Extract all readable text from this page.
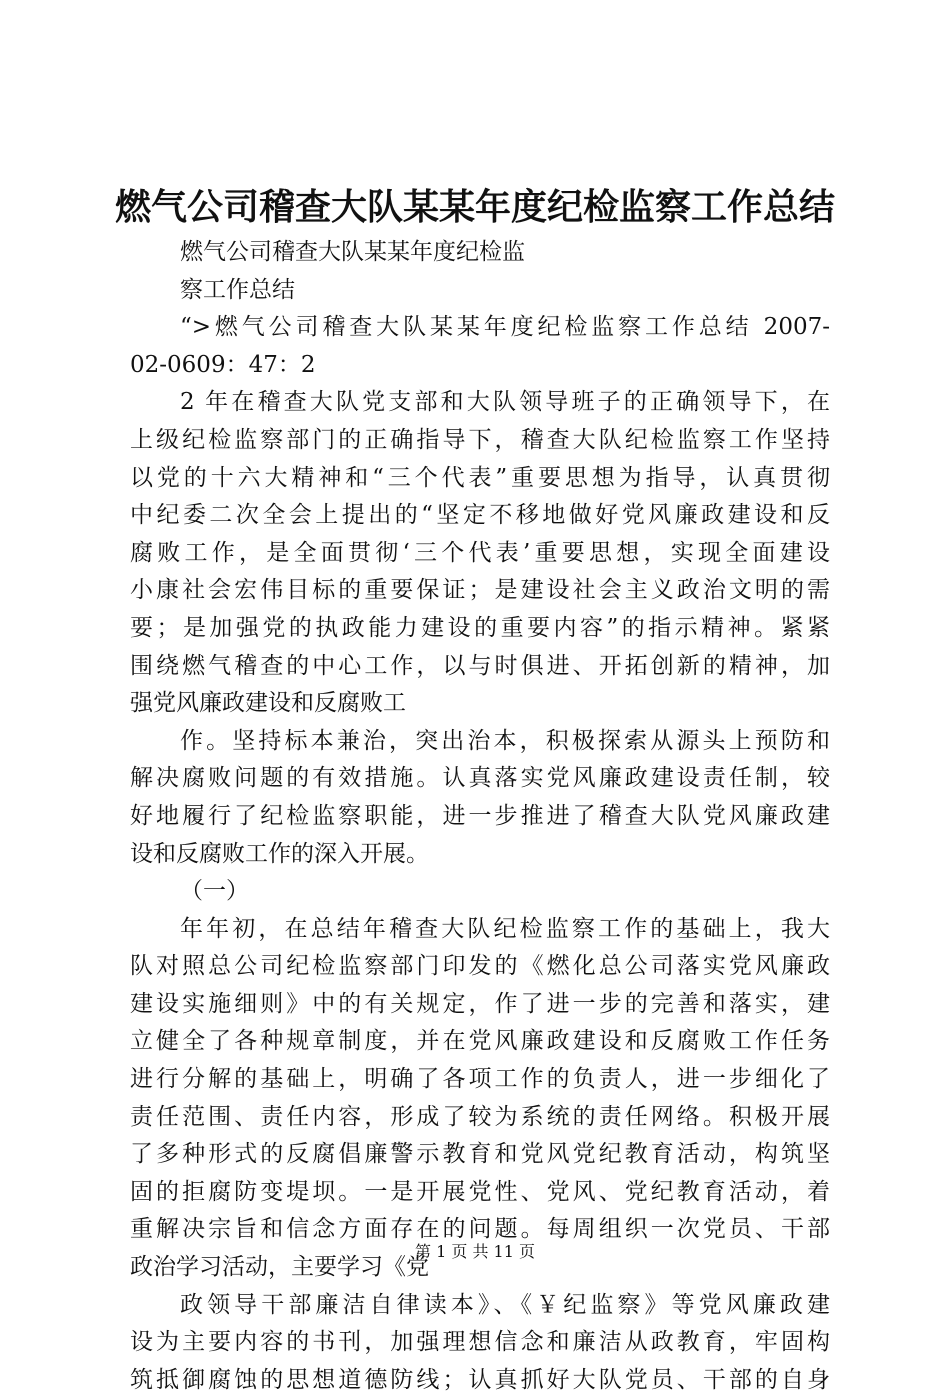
燃气公司稽查大队某某年度纪检监察工作总结
燃气公司稽查大队某某年度纪检监
察工作总结
“>燃气公司稽查大队某某年度纪检监察工作总结 2007-
02-0609：47：2
2 年在稽查大队党支部和大队领导班子的正确领导下，在
上级纪检监察部门的正确指导下，稽查大队纪检监察工作坚持
以党的十六大精神和“三个代表”重要思想为指导，认真贯彻
中纪委二次全会上提出的“坚定不移地做好党风廉政建设和反
腐败工作，是全面贯彻‘三个代表’重要思想，实现全面建设
小康社会宏伟目标的重要保证；是建设社会主义政治文明的需
要；是加强党的执政能力建设的重要内容”的指示精神。紧紧
围绕燃气稽查的中心工作，以与时俱进、开拓创新的精神，加
强党风廉政建设和反腐败工
作。坚持标本兼治，突出治本，积极探索从源头上预防和
解决腐败问题的有效措施。认真落实党风廉政建设责任制，较
好地履行了纪检监察职能，进一步推进了稽查大队党风廉政建
设和反腐败工作的深入开展。
（一）
年年初，在总结年稽查大队纪检监察工作的基础上，我大
队对照总公司纪检监察部门印发的《燃化总公司落实党风廉政
建设实施细则》中的有关规定，作了进一步的完善和落实，建
立健全了各种规章制度，并在党风廉政建设和反腐败工作任务
进行分解的基础上，明确了各项工作的负责人，进一步细化了
责任范围、责任内容，形成了较为系统的责任网络。积极开展
了多种形式的反腐倡廉警示教育和党风党纪教育活动，构筑坚
固的拒腐防变堤坝。一是开展党性、党风、党纪教育活动，着
重解决宗旨和信念方面存在的问题。每周组织一次党员、干部
政治学习活动，主要学习《党
政领导干部廉洁自律读本》、《￥纪监察》等党风廉政建
设为主要内容的书刊，加强理想信念和廉洁从政教育，牢固构
筑抵御腐蚀的思想道德防线；认真抓好大队党员、干部的自身
第 1 页 共 11 页
